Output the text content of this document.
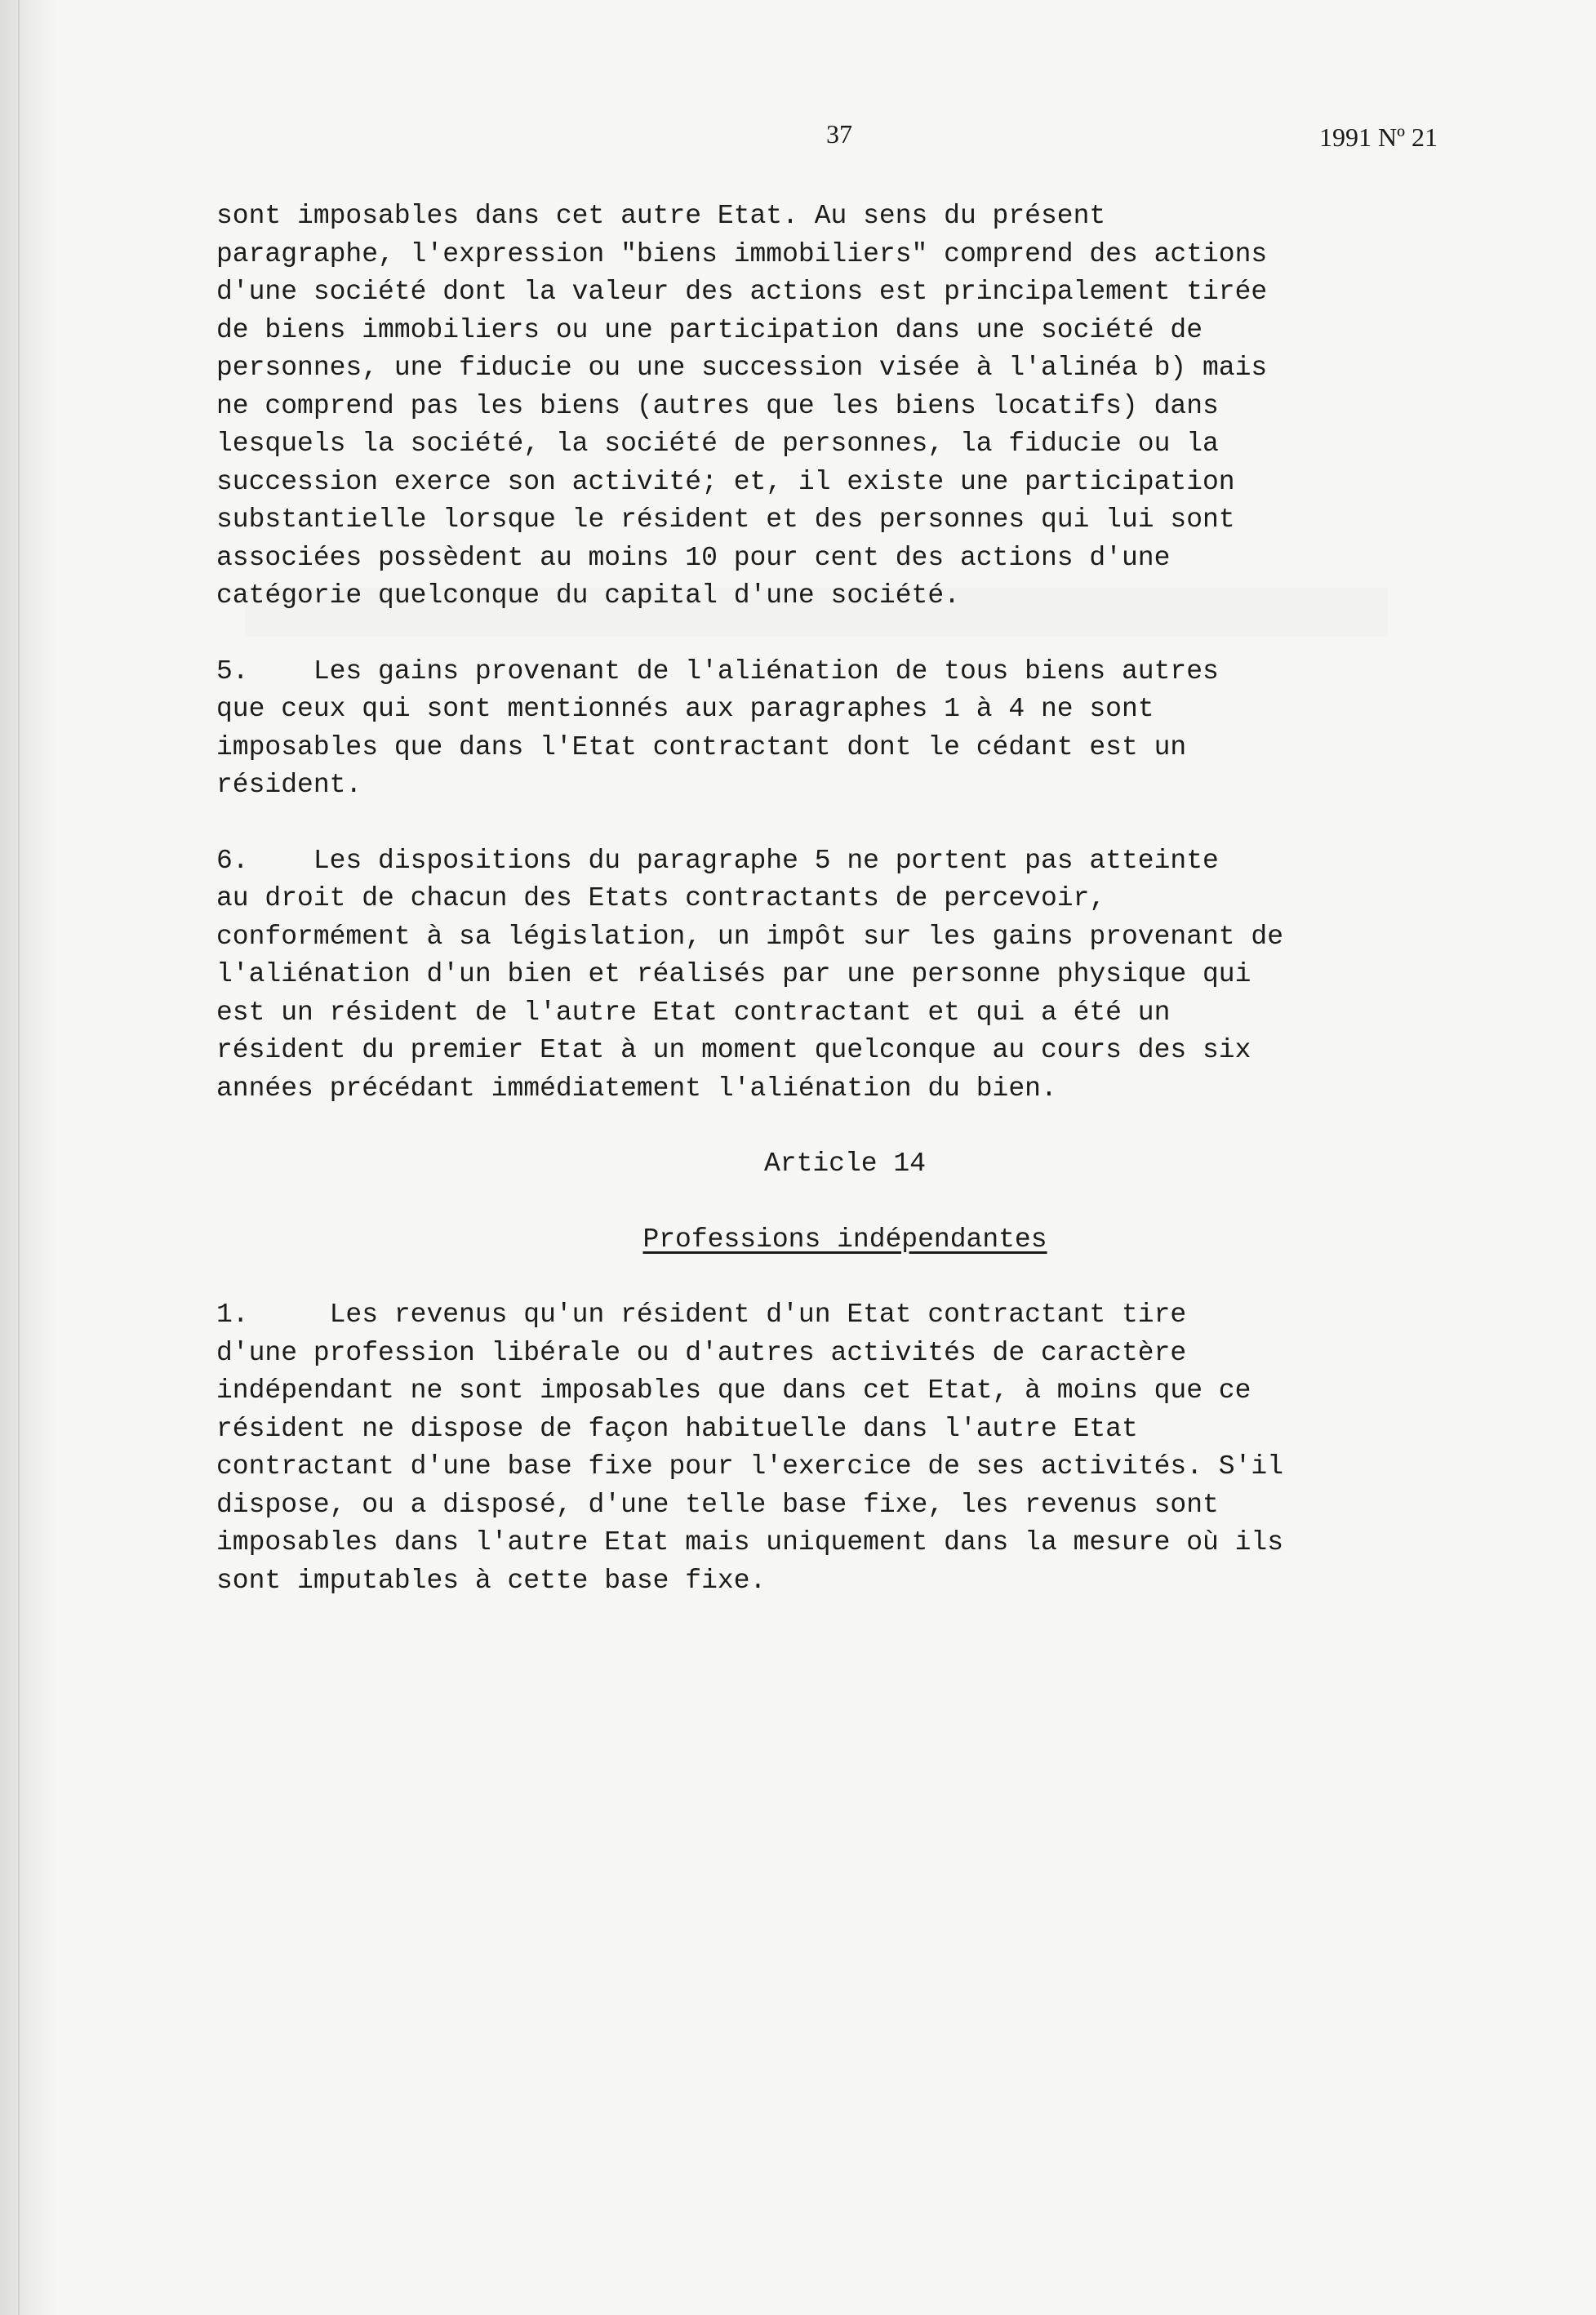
37	1991 Nº 21

sont imposables dans cet autre Etat. Au sens du présent
paragraphe, l'expression "biens immobiliers" comprend des actions
d'une société dont la valeur des actions est principalement tirée
de biens immobiliers ou une participation dans une société de
personnes, une fiducie ou une succession visée à l'alinéa b) mais
ne comprend pas les biens (autres que les biens locatifs) dans
lesquels la société, la société de personnes, la fiducie ou la
succession exerce son activité; et, il existe une participation
substantielle lorsque le résident et des personnes qui lui sont
associées possèdent au moins 10 pour cent des actions d'une
catégorie quelconque du capital d'une société.

5.    Les gains provenant de l'aliénation de tous biens autres
que ceux qui sont mentionnés aux paragraphes 1 à 4 ne sont
imposables que dans l'Etat contractant dont le cédant est un
résident.

6.    Les dispositions du paragraphe 5 ne portent pas atteinte
au droit de chacun des Etats contractants de percevoir,
conformément à sa législation, un impôt sur les gains provenant de
l'aliénation d'un bien et réalisés par une personne physique qui
est un résident de l'autre Etat contractant et qui a été un
résident du premier Etat à un moment quelconque au cours des six
années précédant immédiatement l'aliénation du bien.

Article 14

Professions indépendantes

1.     Les revenus qu'un résident d'un Etat contractant tire
d'une profession libérale ou d'autres activités de caractère
indépendant ne sont imposables que dans cet Etat, à moins que ce
résident ne dispose de façon habituelle dans l'autre Etat
contractant d'une base fixe pour l'exercice de ses activités. S'il
dispose, ou a disposé, d'une telle base fixe, les revenus sont
imposables dans l'autre Etat mais uniquement dans la mesure où ils
sont imputables à cette base fixe.
